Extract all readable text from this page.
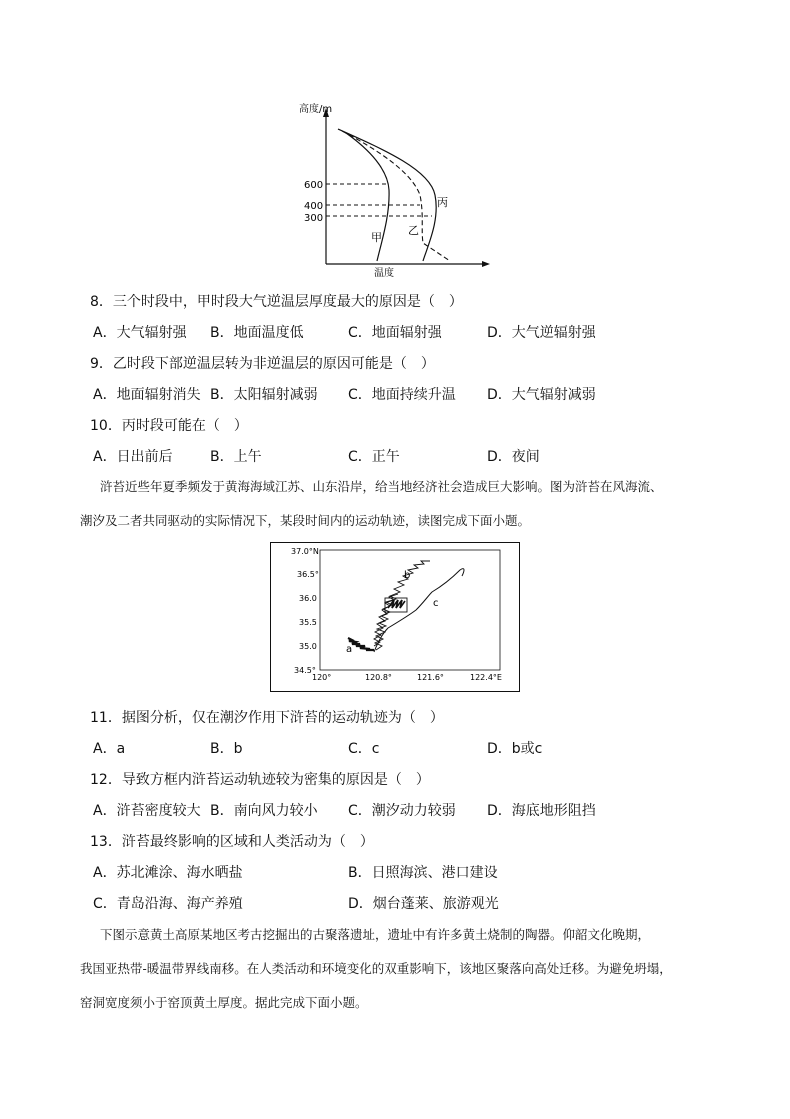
高度/m
温度
600
400
300
甲
乙
丙
8．三个时段中，甲时段大气逆温层厚度最大的原因是（　）
A．大气辐射强 B．地面温度低	C．地面辐射强	D．大气逆辐射强
9．乙时段下部逆温层转为非逆温层的原因可能是（　）
A．地面辐射消失 B．太阳辐射减弱 C．地面持续升温 D．大气辐射减弱
10．丙时段可能在（　）
A．日出前后	B．上午	C．正午	D．夜间
浒苔近些年夏季频发于黄海海域江苏、山东沿岸，给当地经济社会造成巨大影响。图为浒苔在风海流、
潮汐及二者共同驱动的实际情况下，某段时间内的运动轨迹，读图完成下面小题。
37.0°N
36.5°
36.0
35.5
35.0
34.5°
120°	120.8°	121.6°	122.4°E
a
b
c
11．据图分析，仅在潮汐作用下浒苔的运动轨迹为（　）
A．a	B．b	C．c	D．b或c
12．导致方框内浒苔运动轨迹较为密集的原因是（　）
A．浒苔密度较大 B．南向风力较小 C．潮汐动力较弱 D．海底地形阻挡
13．浒苔最终影响的区域和人类活动为（　）
A．苏北滩涂、海水晒盐	B．日照海滨、港口建设
C．青岛沿海、海产养殖	D．烟台蓬莱、旅游观光
下图示意黄土高原某地区考古挖掘出的古聚落遗址，遗址中有许多黄土烧制的陶器。仰韶文化晚期，
我国亚热带-暖温带界线南移。在人类活动和环境变化的双重影响下，该地区聚落向高处迁移。为避免坍塌，
窑洞宽度须小于窑顶黄土厚度。据此完成下面小题。
